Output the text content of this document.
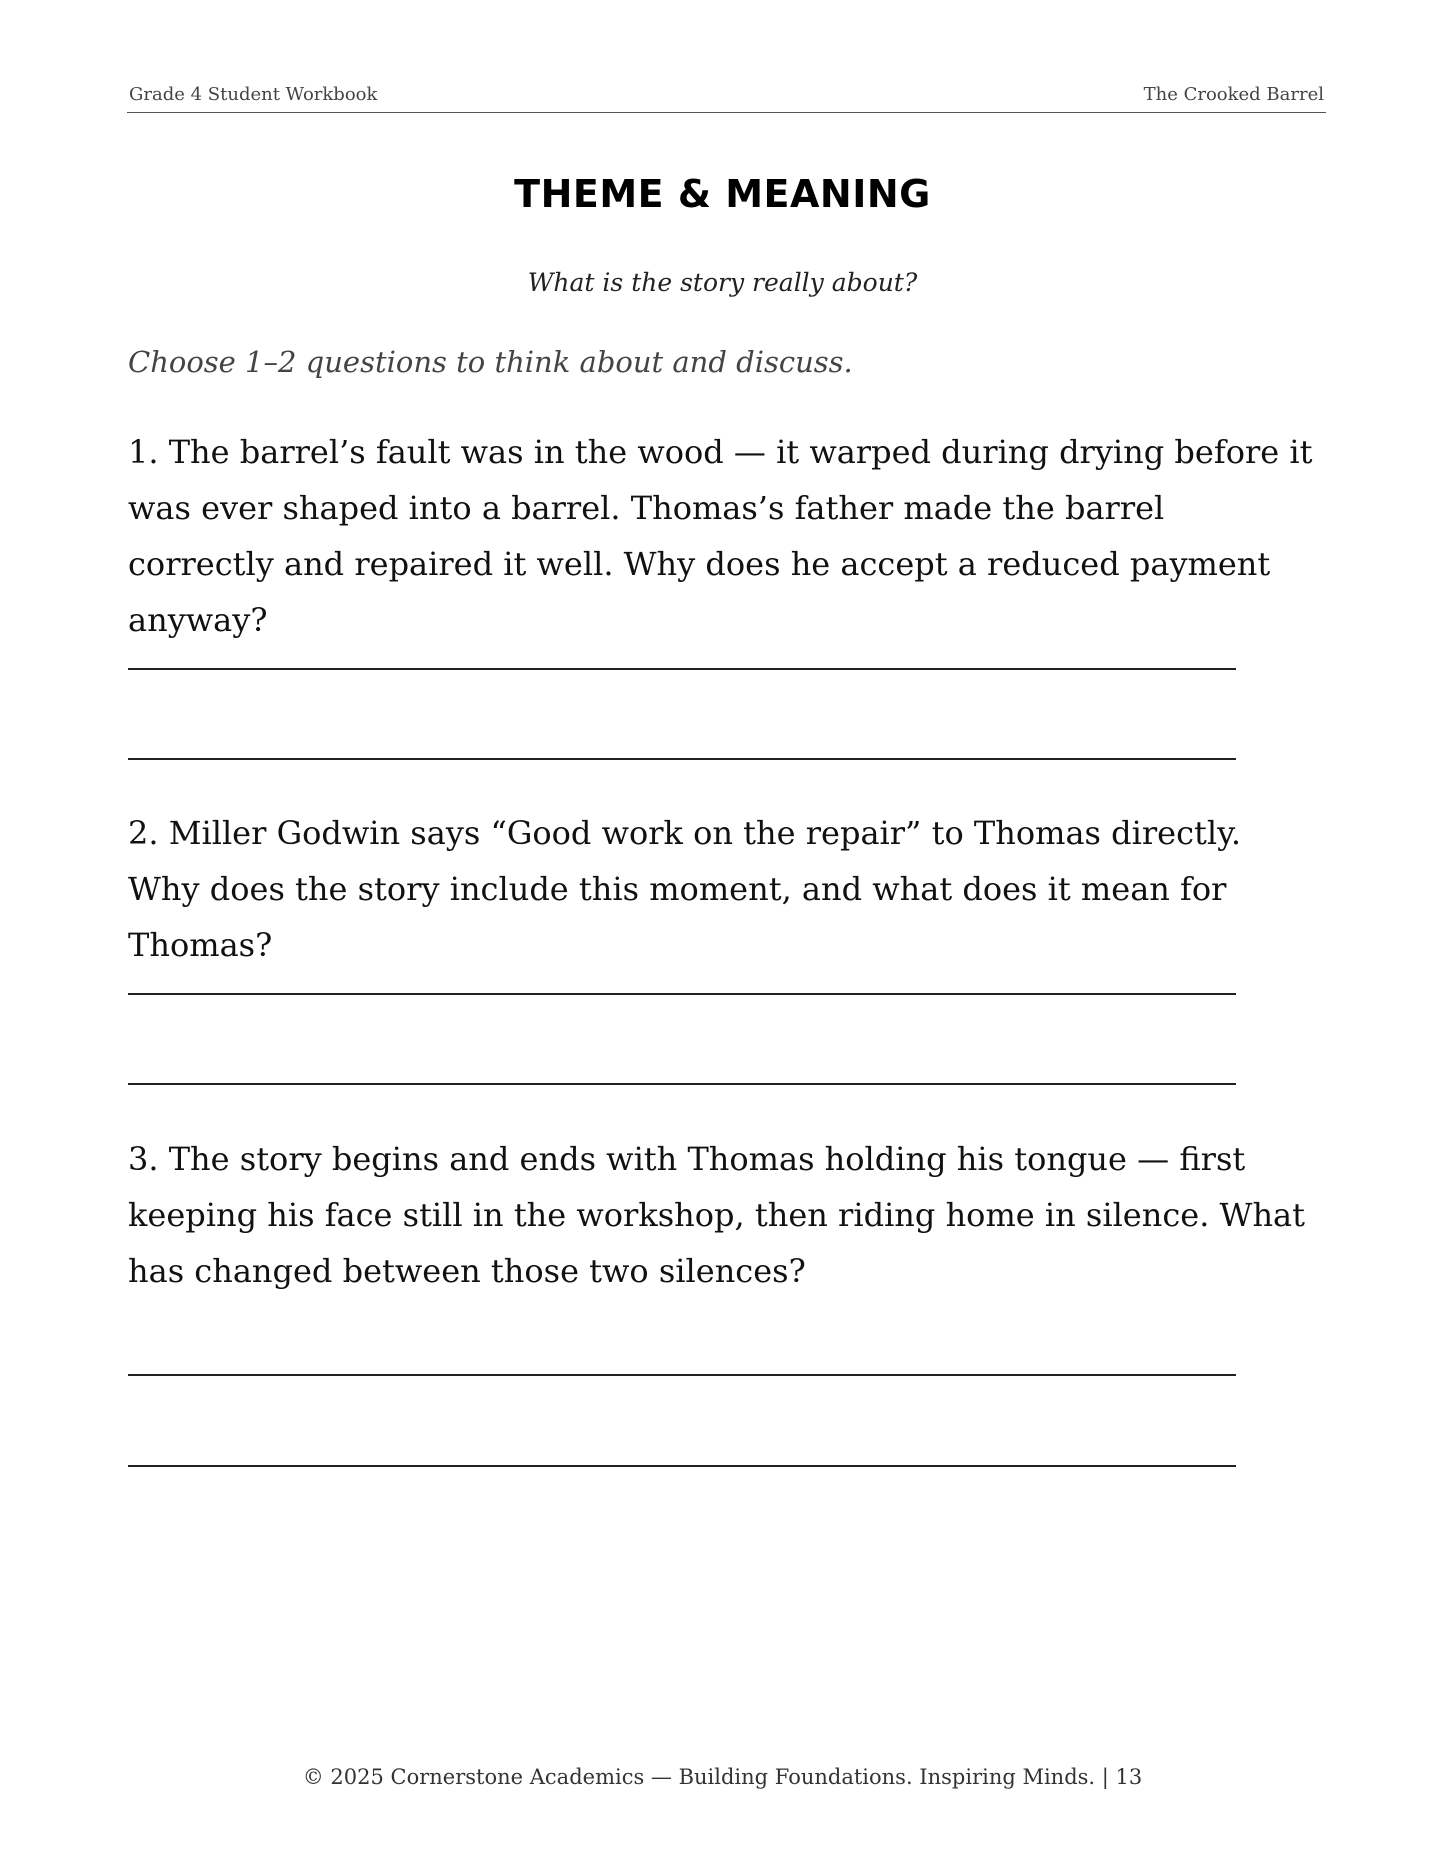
Grade 4 Student Workbook	The Crooked Barrel
THEME & MEANING
What is the story really about?
Choose 1–2 questions to think about and discuss.
1. The barrel’s fault was in the wood — it warped during drying before it was ever shaped into a barrel. Thomas’s father made the barrel correctly and repaired it well. Why does he accept a reduced payment anyway?
2. Miller Godwin says “Good work on the repair” to Thomas directly. Why does the story include this moment, and what does it mean for Thomas?
3. The story begins and ends with Thomas holding his tongue — first keeping his face still in the workshop, then riding home in silence. What has changed between those two silences?
© 2025 Cornerstone Academics — Building Foundations. Inspiring Minds. | 13
